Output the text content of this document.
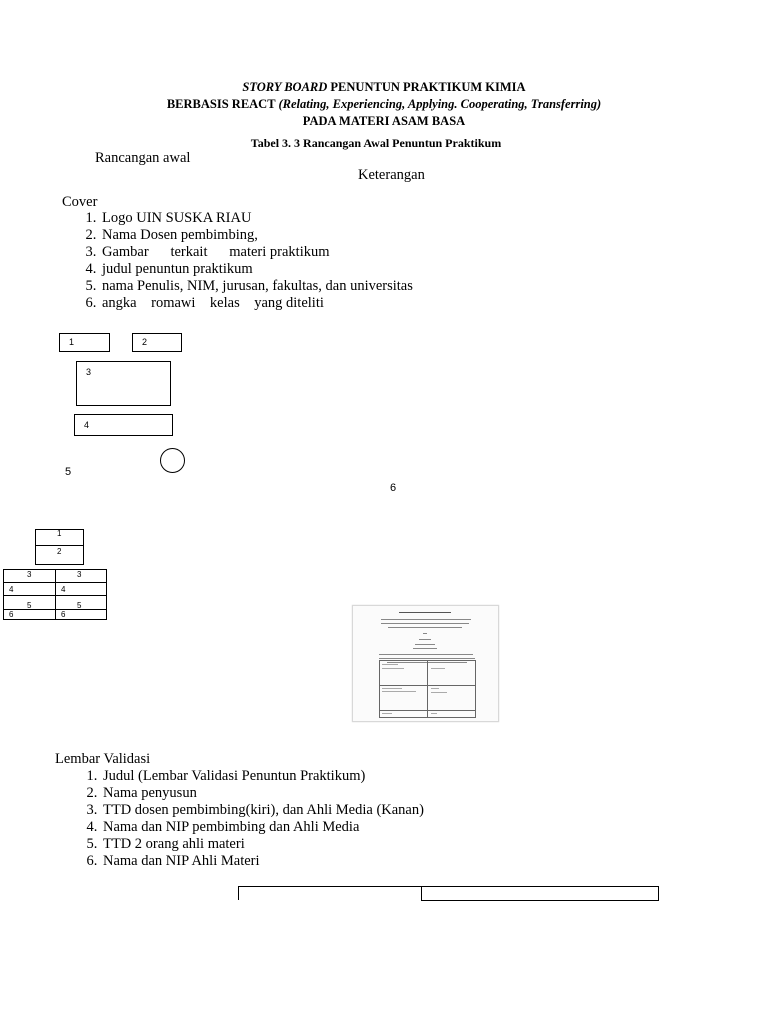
STORY BOARD PENUNTUN PRAKTIKUM KIMIA
BERBASIS REACT (Relating, Experiencing, Applying. Cooperating, Transferring)
PADA MATERI ASAM BASA
Tabel 3. 3 Rancangan Awal Penuntun Praktikum
Rancangan awal
Keterangan
Cover
1. Logo UIN SUSKA RIAU
2. Nama Dosen pembimbing,
3. Gambar      terkait      materi praktikum
4. judul penuntun praktikum
5. nama Penulis, NIM, jurusan, fakultas, dan universitas
6. angka    romawi    kelas    yang diteliti
1	2
3
4
5
6
1
2
3	3
4	4
5	5
6	6
Lembar Validasi
1. Judul (Lembar Validasi Penuntun Praktikum)
2. Nama penyusun
3. TTD dosen pembimbing(kiri), dan Ahli Media (Kanan)
4. Nama dan NIP pembimbing dan Ahli Media
5. TTD 2 orang ahli materi
6. Nama dan NIP Ahli Materi
